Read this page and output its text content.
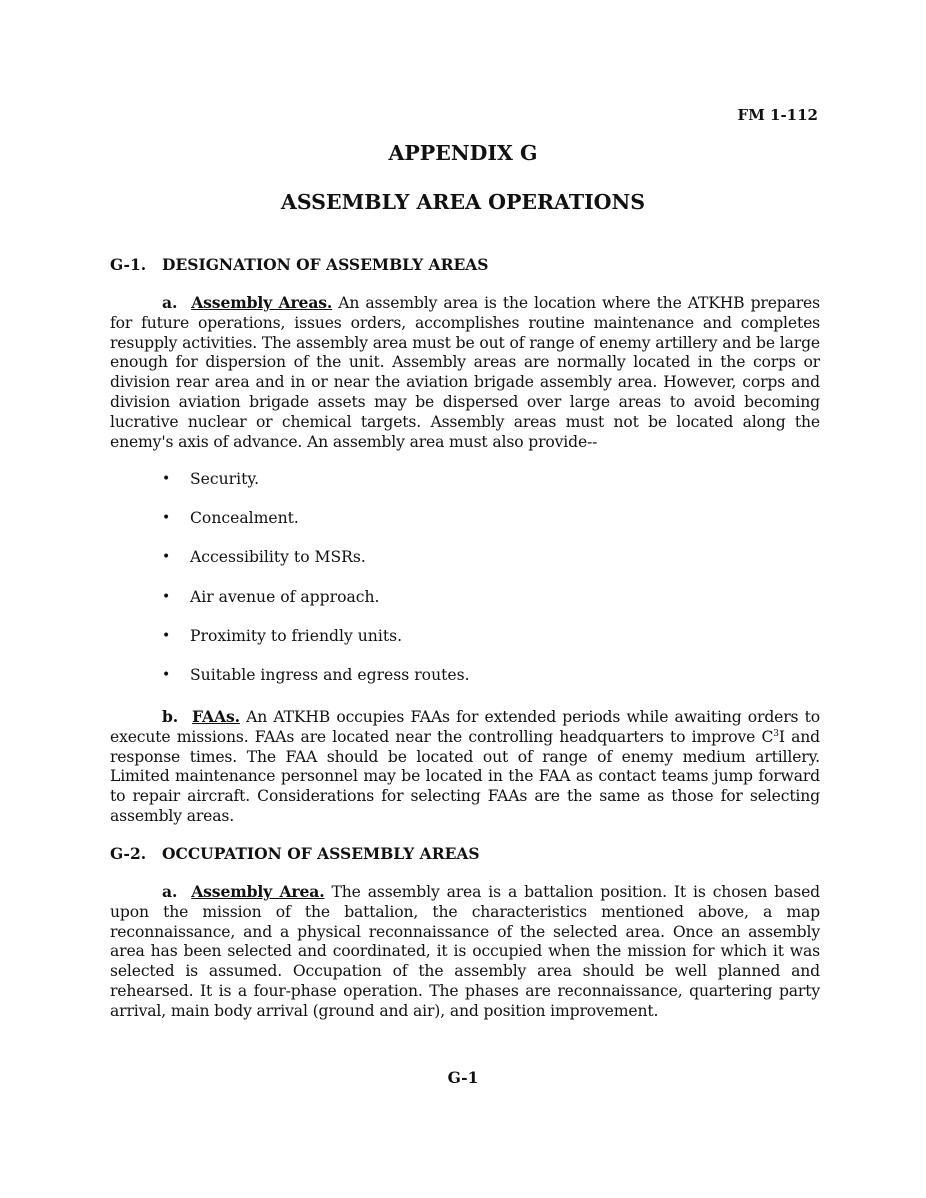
FM 1-112
APPENDIX G
ASSEMBLY AREA OPERATIONS
G-1. DESIGNATION OF ASSEMBLY AREAS
a. Assembly Areas. An assembly area is the location where the ATKHB prepares for future operations, issues orders, accomplishes routine maintenance and completes resupply activities. The assembly area must be out of range of enemy artillery and be large enough for dispersion of the unit. Assembly areas are normally located in the corps or division rear area and in or near the aviation brigade assembly area. However, corps and division aviation brigade assets may be dispersed over large areas to avoid becoming lucrative nuclear or chemical targets. Assembly areas must not be located along the enemy's axis of advance. An assembly area must also provide--
• Security.
• Concealment.
• Accessibility to MSRs.
• Air avenue of approach.
• Proximity to friendly units.
• Suitable ingress and egress routes.
b. FAAs. An ATKHB occupies FAAs for extended periods while awaiting orders to execute missions. FAAs are located near the controlling headquarters to improve $C^3I$ and response times. The FAA should be located out of range of enemy medium artillery. Limited maintenance personnel may be located in the FAA as contact teams jump forward to repair aircraft. Considerations for selecting FAAs are the same as those for selecting assembly areas.
G-2. OCCUPATION OF ASSEMBLY AREAS
a. Assembly Area. The assembly area is a battalion position. It is chosen based upon the mission of the battalion, the characteristics mentioned above, a map reconnaissance, and a physical reconnaissance of the selected area. Once an assembly area has been selected and coordinated, it is occupied when the mission for which it was selected is assumed. Occupation of the assembly area should be well planned and rehearsed. It is a four-phase operation. The phases are reconnaissance, quartering party arrival, main body arrival (ground and air), and position improvement.
G-1
